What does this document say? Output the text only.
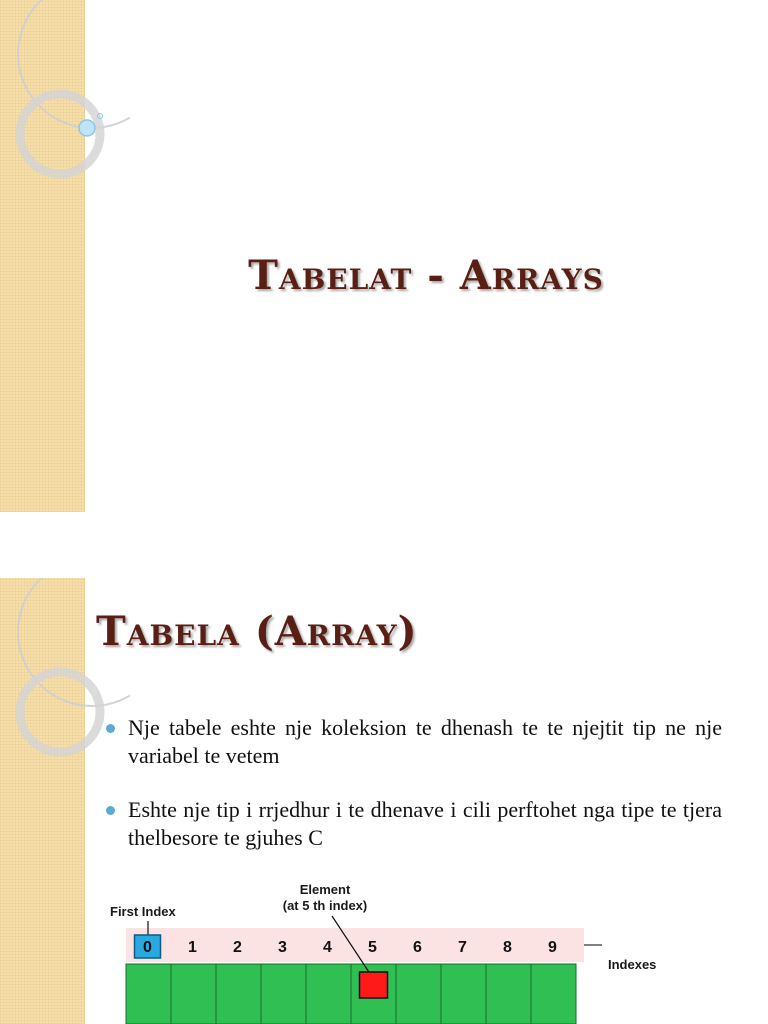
Tabelat - Arrays
Tabela (Array)
Nje tabele eshte nje koleksion te dhenash te te njejtit tip ne nje variabel te vetem
Eshte nje tip i rrjedhur i te dhenave i cili perftohet nga tipe te tjera thelbesore te gjuhes C
First Index
Element
(at 5 th index)
Indexes
0 1 2 3 4 5 6 7 8 9
